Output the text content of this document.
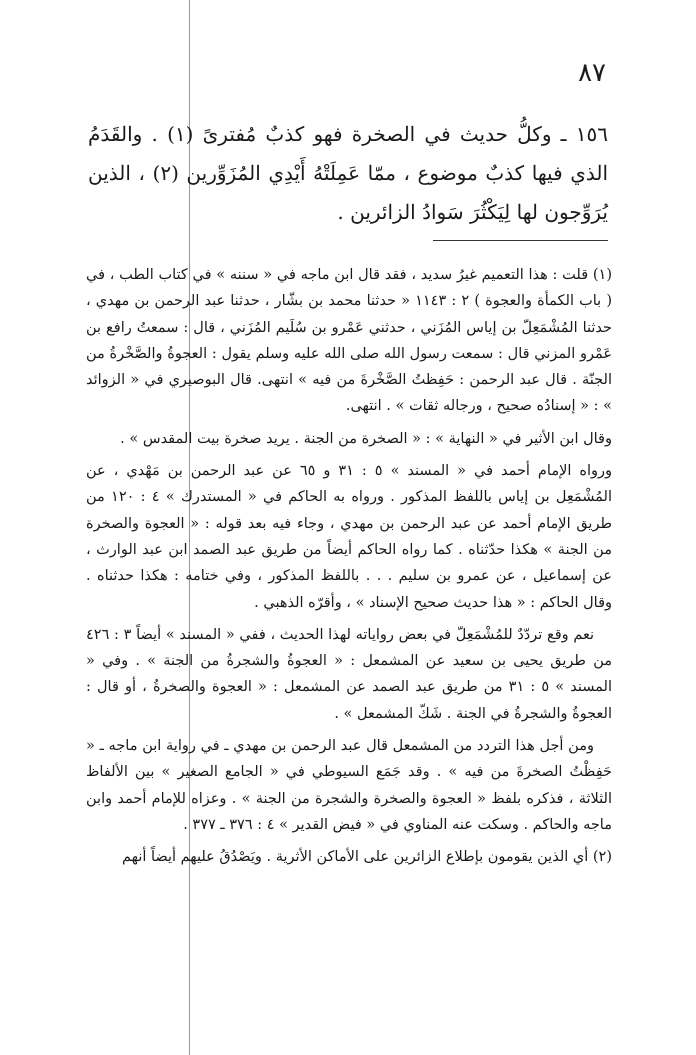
٨٧

١٥٦ ـ وكلُّ حديث في الصخرة فهو كذبٌ مُفترىً (١) . والقَدَمُ الذي فيها كذبٌ موضوع ، ممّا عَمِلَتْهُ أَيْدِي المُزَوِّرين (٢) ، الذين يُرَوِّجون لها لِيَكْثُرَ سَوادُ الزائرين .

(١) قلت : هذا التعميم غيرُ سديد ، فقد قال ابن ماجه في « سننه » في كتاب الطب ، في ( باب الكمأة والعجوة ) ٢ : ١١٤٣ « حدثنا محمد بن بشّار ، حدثنا عبد الرحمن بن مهدي ، حدثنا المُشْمَعِلّ بن إياس المُزَني ، حدثني عَمْرو بن سُلَيم المُزَني ، قال : سمعتُ رافع بن عَمْرو المزني قال : سمعت رسول الله صلى الله عليه وسلم يقول : العجوةُ والصَّخْرةُ من الجنّة . قال عبد الرحمن : حَفِظتُ الصَّخْرةَ من فيه » انتهى. قال البوصيري في « الزوائد » : « إسنادُه صحيح ، ورجاله ثقات » . انتهى.

وقال ابن الأثير في « النهاية » : « الصخرة من الجنة . يريد صخرة بيت المقدس » .

ورواه الإمام أحمد في « المسند » ٥ : ٣١ و ٦٥ عن عبد الرحمن بن مَهْدي ، عن المُشْمَعِل بن إياس باللفظ المذكور . ورواه به الحاكم في « المستدرك » ٤ : ١٢٠ من طريق الإمام أحمد عن عبد الرحمن بن مهدي ، وجاء فيه بعد قوله : « العجوة والصخرة من الجنة » هكذا حدّثناه . كما رواه الحاكم أيضاً من طريق عبد الصمد ابن عبد الوارث ، عن إسماعيل ، عن عمرو بن سليم . . . باللفظ المذكور ، وفي ختامه : هكذا حدثناه . وقال الحاكم : « هذا حديث صحيح الإسناد » ، وأقرّه الذهبي .

نعم وقع تردّدٌ للمُشْمَعِلّ في بعض رواياته لهذا الحديث ، ففي « المسند » أيضاً ٣ : ٤٢٦ من طريق يحيى بن سعيد عن المشمعل : « العجوةُ والشجرةُ من الجنة » . وفي « المسند » ٥ : ٣١ من طريق عبد الصمد عن المشمعل : « العجوة والصخرةُ ، أو قال : العجوةُ والشجرةُ في الجنة . شَكّ المشمعل » .

ومن أجل هذا التردد من المشمعل قال عبد الرحمن بن مهدي ـ في رواية ابن ماجه ـ « حَفِظْتُ الصخرةَ من فيه » . وقد جَمَع السيوطي في « الجامع الصغير » بين الألفاظ الثلاثة ، فذكره بلفظ « العجوة والصخرة والشجرة من الجنة » . وعزاه للإمام أحمد وابن ماجه والحاكم . وسكت عنه المناوي في « فيض القدير » ٤ : ٣٧٦ ـ ٣٧٧ .

(٢) أي الذين يقومون بإطلاع الزائرين على الأماكن الأثرية . ويَصْدُقُ عليهم أيضاً أنهم
